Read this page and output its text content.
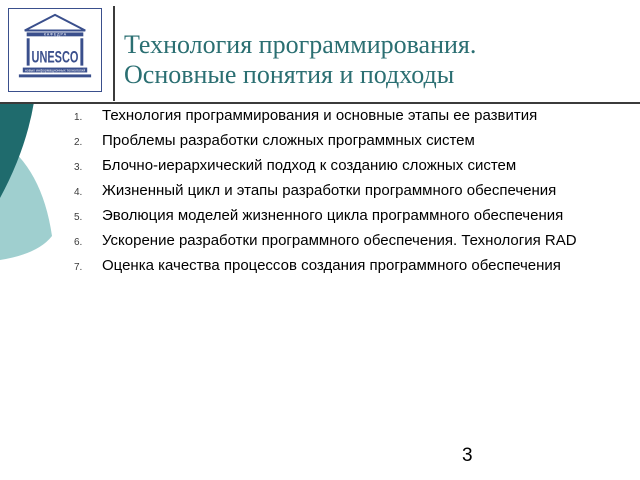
К А Ф Е Д Р А
UNESCO
новых информационных технологий
Технология программирования.
Основные понятия и подходы
1. Технология программирования и основные этапы ее развития
2. Проблемы разработки сложных программных систем
3. Блочно-иерархический подход к созданию сложных систем
4. Жизненный цикл и этапы разработки программного обеспечения
5. Эволюция моделей жизненного цикла программного обеспечения
6. Ускорение разработки программного обеспечения. Технология RAD
7. Оценка качества процессов создания программного обеспечения
3
